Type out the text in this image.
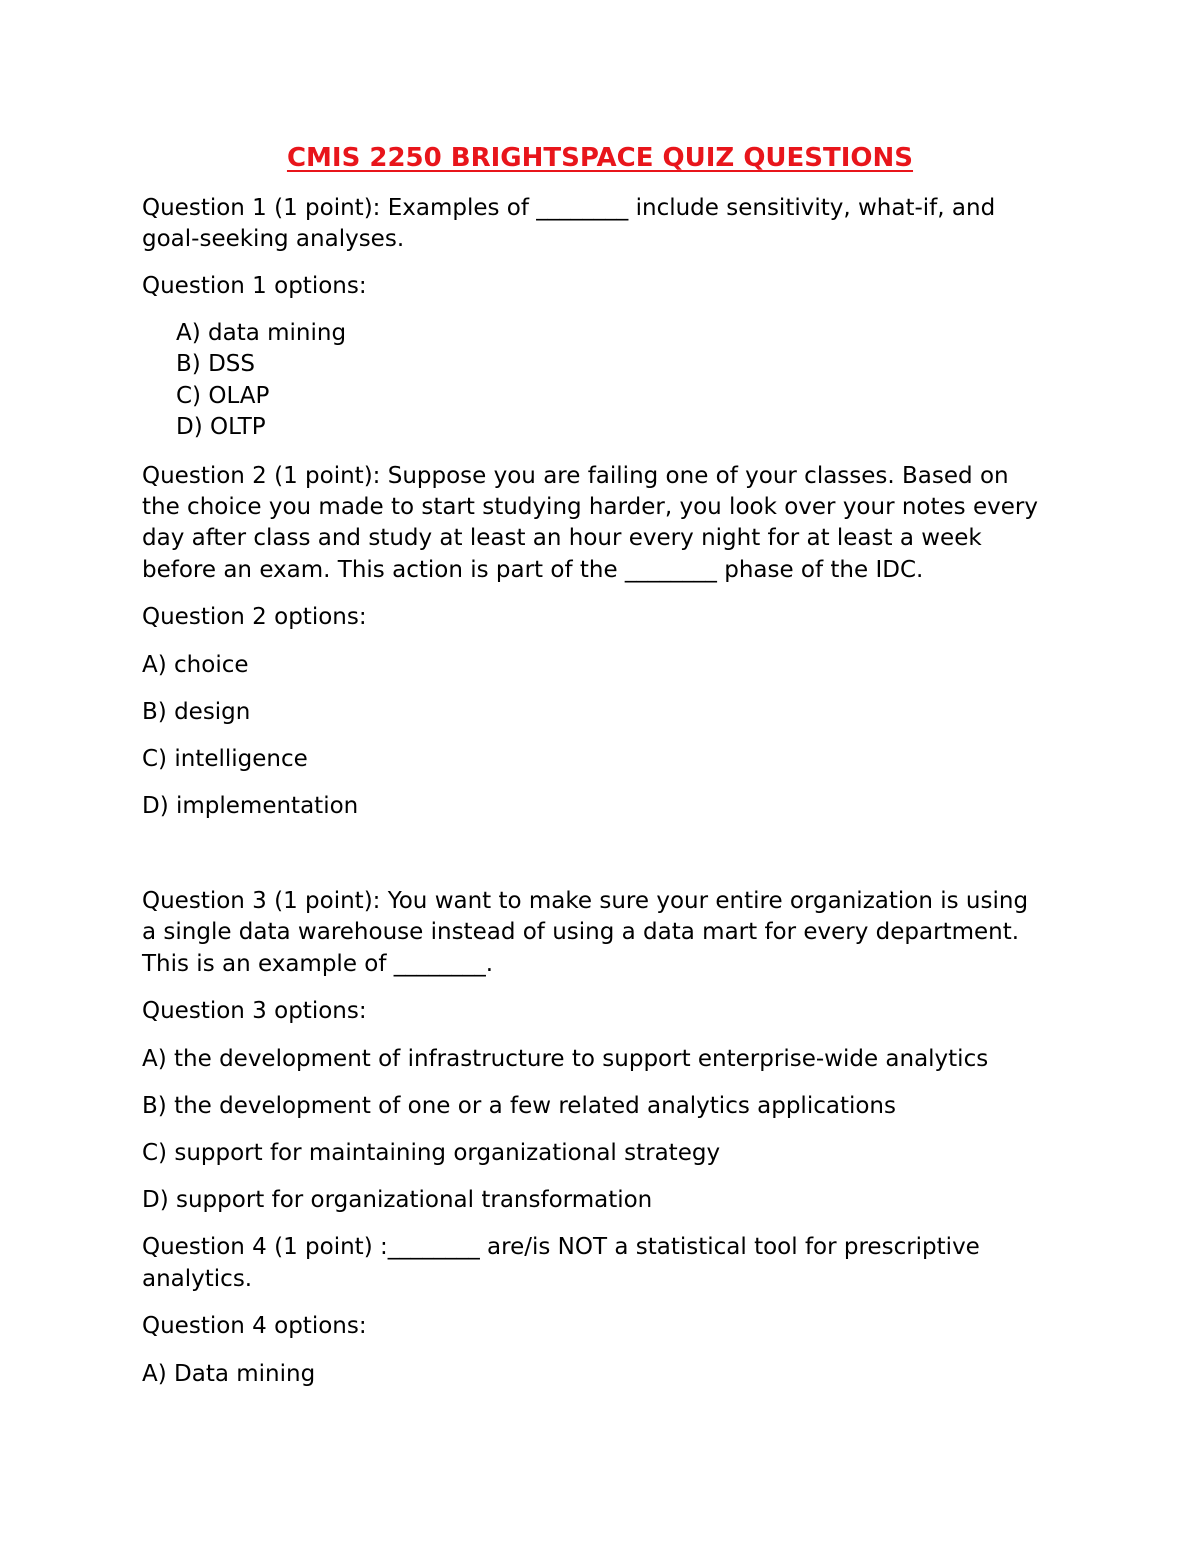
CMIS 2250 BRIGHTSPACE QUIZ QUESTIONS

Question 1 (1 point): Examples of ________ include sensitivity, what-if, and

goal-seeking analyses.

Question 1 options:

A) data mining

B) DSS

C) OLAP

D) OLTP

Question 2 (1 point): Suppose you are failing one of your classes. Based on

the choice you made to start studying harder, you look over your notes every

day after class and study at least an hour every night for at least a week

before an exam. This action is part of the ________ phase of the IDC.

Question 2 options:

A) choice

B) design

C) intelligence

D) implementation

Question 3 (1 point): You want to make sure your entire organization is using

a single data warehouse instead of using a data mart for every department.

This is an example of ________.

Question 3 options:

A) the development of infrastructure to support enterprise-wide analytics

B) the development of one or a few related analytics applications

C) support for maintaining organizational strategy

D) support for organizational transformation

Question 4 (1 point) :________ are/is NOT a statistical tool for prescriptive

analytics.

Question 4 options:

A) Data mining
